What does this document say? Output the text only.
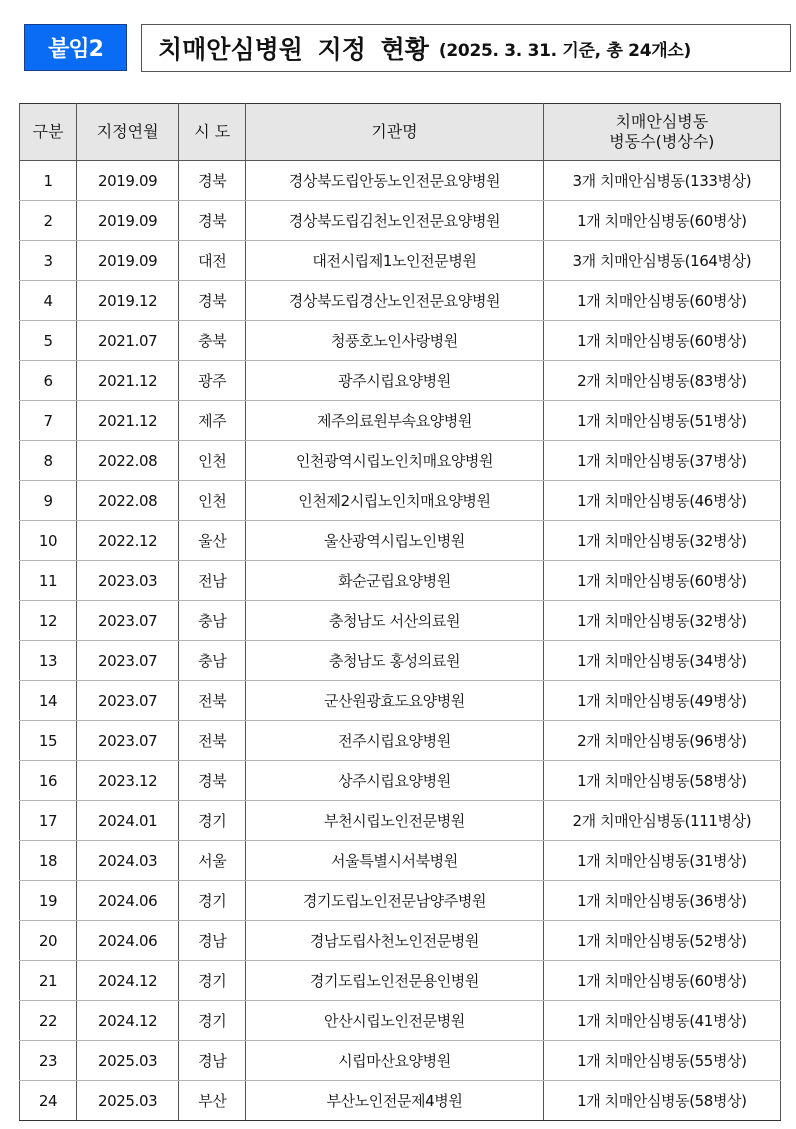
붙임2	치매안심병원 지정 현황 (2025. 3. 31. 기준, 총 24개소)
구분	지정연월	시 도	기관명	치매안심병동
병동수(병상수)

1	2019.09	경북	경상북도립안동노인전문요양병원	3개 치매안심병동(133병상)
2	2019.09	경북	경상북도립김천노인전문요양병원	1개 치매안심병동(60병상)
3	2019.09	대전	대전시립제1노인전문병원	3개 치매안심병동(164병상)
4	2019.12	경북	경상북도립경산노인전문요양병원	1개 치매안심병동(60병상)
5	2021.07	충북	청풍호노인사랑병원	1개 치매안심병동(60병상)
6	2021.12	광주	광주시립요양병원	2개 치매안심병동(83병상)
7	2021.12	제주	제주의료원부속요양병원	1개 치매안심병동(51병상)
8	2022.08	인천	인천광역시립노인치매요양병원	1개 치매안심병동(37병상)
9	2022.08	인천	인천제2시립노인치매요양병원	1개 치매안심병동(46병상)
10	2022.12	울산	울산광역시립노인병원	1개 치매안심병동(32병상)
11	2023.03	전남	화순군립요양병원	1개 치매안심병동(60병상)
12	2023.07	충남	충청남도 서산의료원	1개 치매안심병동(32병상)
13	2023.07	충남	충청남도 홍성의료원	1개 치매안심병동(34병상)
14	2023.07	전북	군산원광효도요양병원	1개 치매안심병동(49병상)
15	2023.07	전북	전주시립요양병원	2개 치매안심병동(96병상)
16	2023.12	경북	상주시립요양병원	1개 치매안심병동(58병상)
17	2024.01	경기	부천시립노인전문병원	2개 치매안심병동(111병상)
18	2024.03	서울	서울특별시서북병원	1개 치매안심병동(31병상)
19	2024.06	경기	경기도립노인전문남양주병원	1개 치매안심병동(36병상)
20	2024.06	경남	경남도립사천노인전문병원	1개 치매안심병동(52병상)
21	2024.12	경기	경기도립노인전문용인병원	1개 치매안심병동(60병상)
22	2024.12	경기	안산시립노인전문병원	1개 치매안심병동(41병상)
23	2025.03	경남	시립마산요양병원	1개 치매안심병동(55병상)
24	2025.03	부산	부산노인전문제4병원	1개 치매안심병동(58병상)
